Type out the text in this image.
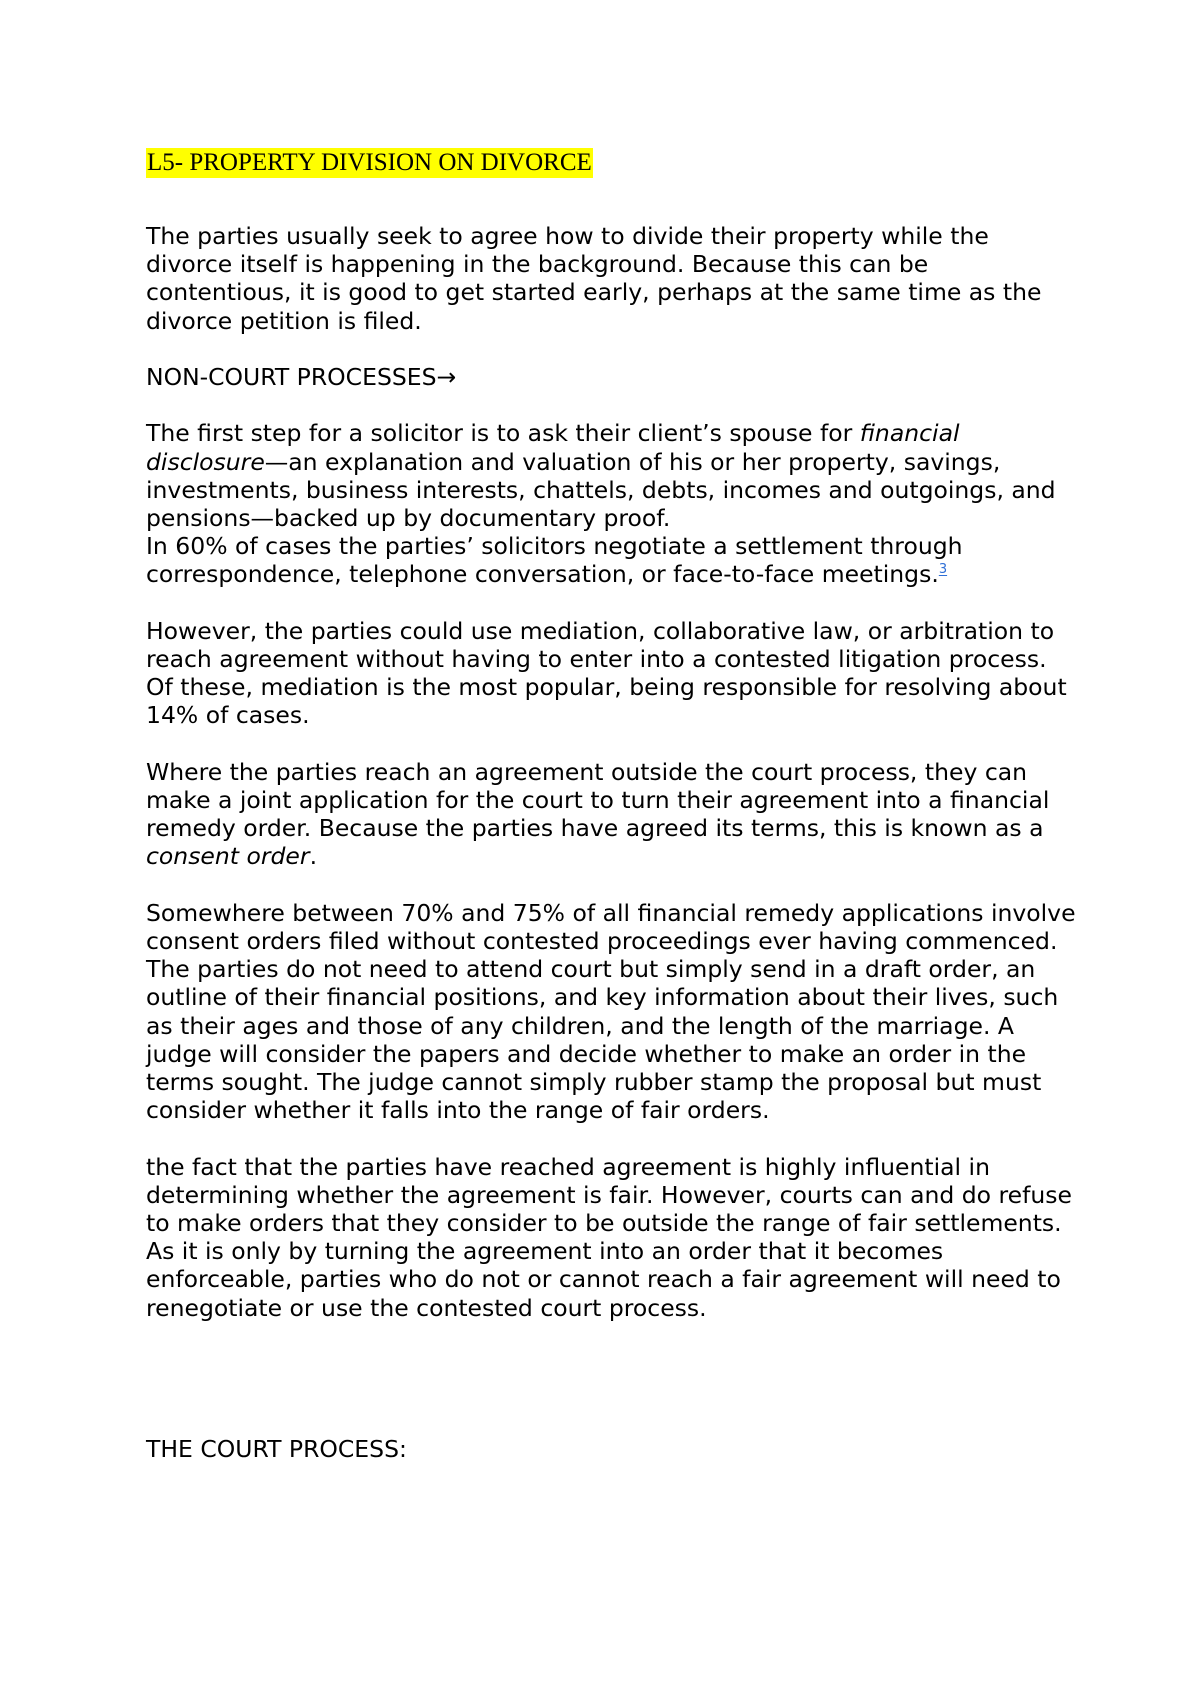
L5- PROPERTY DIVISION ON DIVORCE

The parties usually seek to agree how to divide their property while the divorce itself is happening in the background. Because this can be contentious, it is good to get started early, perhaps at the same time as the divorce petition is filed.

NON-COURT PROCESSES→

The first step for a solicitor is to ask their client’s spouse for financial disclosure—an explanation and valuation of his or her property, savings, investments, business interests, chattels, debts, incomes and outgoings, and pensions—backed up by documentary proof.

In 60% of cases the parties’ solicitors negotiate a settlement through correspondence, telephone conversation, or face-to-face meetings.$^3$

However, the parties could use mediation, collaborative law, or arbitration to reach agreement without having to enter into a contested litigation process. Of these, mediation is the most popular, being responsible for resolving about 14% of cases.

Where the parties reach an agreement outside the court process, they can make a joint application for the court to turn their agreement into a financial remedy order. Because the parties have agreed its terms, this is known as a consent order.

Somewhere between 70% and 75% of all financial remedy applications involve consent orders filed without contested proceedings ever having commenced. The parties do not need to attend court but simply send in a draft order, an outline of their financial positions, and key information about their lives, such as their ages and those of any children, and the length of the marriage. A judge will consider the papers and decide whether to make an order in the terms sought. The judge cannot simply rubber stamp the proposal but must consider whether it falls into the range of fair orders.

the fact that the parties have reached agreement is highly influential in determining whether the agreement is fair. However, courts can and do refuse to make orders that they consider to be outside the range of fair settlements. As it is only by turning the agreement into an order that it becomes enforceable, parties who do not or cannot reach a fair agreement will need to renegotiate or use the contested court process.

THE COURT PROCESS:
